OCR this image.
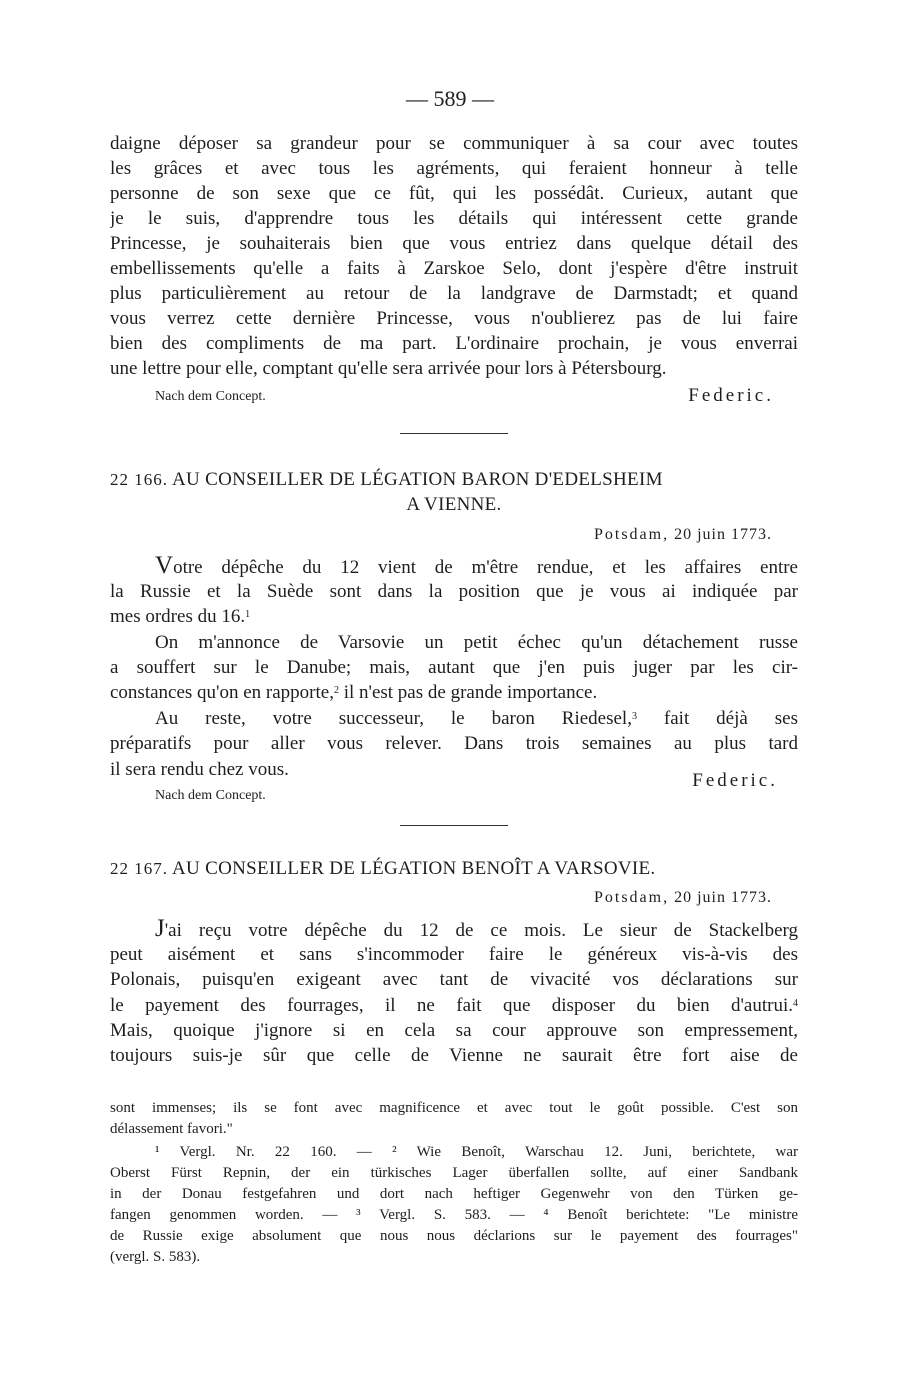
— 589 —
daigne déposer sa grandeur pour se communiquer à sa cour avec toutes
les grâces et avec tous les agréments, qui feraient honneur à telle
personne de son sexe que ce fût, qui les possédât. Curieux, autant que
je le suis, d'apprendre tous les détails qui intéressent cette grande
Princesse, je souhaiterais bien que vous entriez dans quelque détail des
embellissements qu'elle a faits à Zarskoe Selo, dont j'espère d'être instruit
plus particulièrement au retour de la landgrave de Darmstadt; et quand
vous verrez cette dernière Princesse, vous n'oublierez pas de lui faire
bien des compliments de ma part. L'ordinaire prochain, je vous enverrai
une lettre pour elle, comptant qu'elle sera arrivée pour lors à Pétersbourg.
Nach dem Concept.	Federic.
22 166. AU CONSEILLER DE LÉGATION BARON D'EDELSHEIM
A VIENNE.
Potsdam, 20 juin 1773.
Votre dépêche du 12 vient de m'être rendue, et les affaires entre
la Russie et la Suède sont dans la position que je vous ai indiquée par
mes ordres du 16.$^1$
On m'annonce de Varsovie un petit échec qu'un détachement russe
a souffert sur le Danube; mais, autant que j'en puis juger par les cir-
constances qu'on en rapporte,$^2$ il n'est pas de grande importance.
Au reste, votre successeur, le baron Riedesel,$^3$ fait déjà ses
préparatifs pour aller vous relever. Dans trois semaines au plus tard
il sera rendu chez vous.
Federic.
Nach dem Concept.
22 167. AU CONSEILLER DE LÉGATION BENOÎT A VARSOVIE.
Potsdam, 20 juin 1773.
J'ai reçu votre dépêche du 12 de ce mois. Le sieur de Stackelberg
peut aisément et sans s'incommoder faire le généreux vis-à-vis des
Polonais, puisqu'en exigeant avec tant de vivacité vos déclarations sur
le payement des fourrages, il ne fait que disposer du bien d'autrui.$^4$
Mais, quoique j'ignore si en cela sa cour approuve son empressement,
toujours suis-je sûr que celle de Vienne ne saurait être fort aise de
sont immenses; ils se font avec magnificence et avec tout le goût possible. C'est son
délassement favori."
¹ Vergl. Nr. 22 160. — ² Wie Benoît, Warschau 12. Juni, berichtete, war
Oberst Fürst Repnin, der ein türkisches Lager überfallen sollte, auf einer Sandbank
in der Donau festgefahren und dort nach heftiger Gegenwehr von den Türken ge-
fangen genommen worden. — ³ Vergl. S. 583. — ⁴ Benoît berichtete: "Le ministre
de Russie exige absolument que nous nous déclarions sur le payement des fourrages"
(vergl. S. 583).
